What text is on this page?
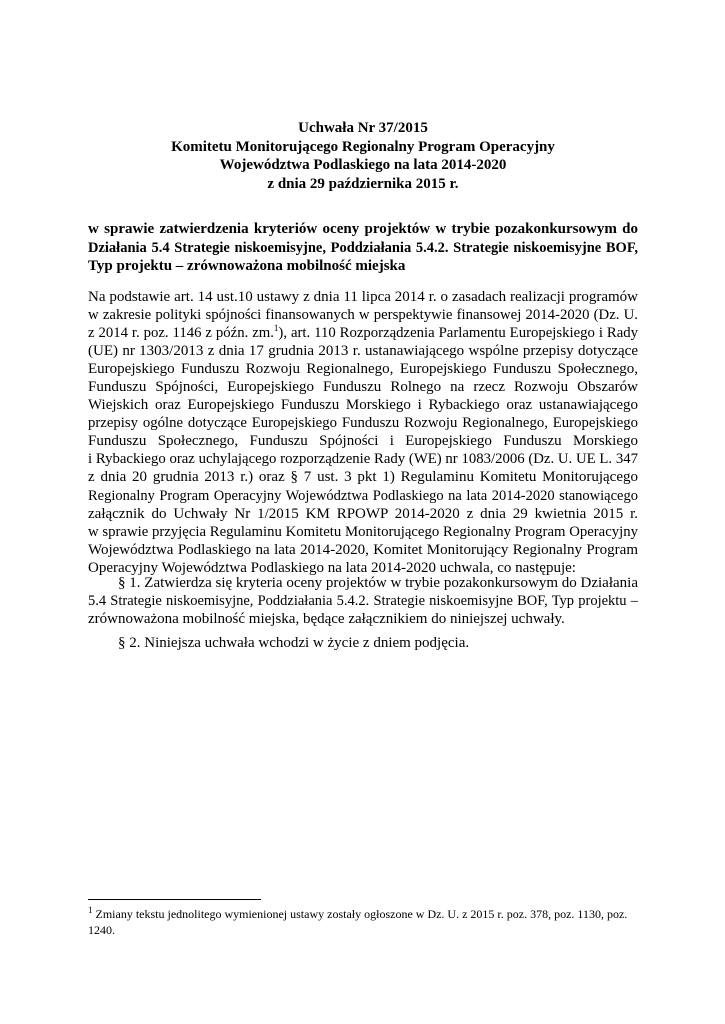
Uchwała Nr 37/2015
Komitetu Monitorującego Regionalny Program Operacyjny
Województwa Podlaskiego na lata 2014-2020
z dnia 29 października 2015 r.
w sprawie zatwierdzenia kryteriów oceny projektów w trybie pozakonkursowym do
Działania 5.4 Strategie niskoemisyjne, Poddziałania 5.4.2. Strategie niskoemisyjne BOF,
Typ projektu – zrównoważona mobilność miejska
Na podstawie art. 14 ust.10 ustawy z dnia 11 lipca 2014 r. o zasadach realizacji programów
w zakresie polityki spójności finansowanych w perspektywie finansowej 2014-2020 (Dz. U.
z 2014 r. poz. 1146 z późn. zm.$^1$), art. 110 Rozporządzenia Parlamentu Europejskiego i Rady
(UE) nr 1303/2013 z dnia 17 grudnia 2013 r. ustanawiającego wspólne przepisy dotyczące
Europejskiego Funduszu Rozwoju Regionalnego, Europejskiego Funduszu Społecznego,
Funduszu Spójności, Europejskiego Funduszu Rolnego na rzecz Rozwoju Obszarów
Wiejskich oraz Europejskiego Funduszu Morskiego i Rybackiego oraz ustanawiającego
przepisy ogólne dotyczące Europejskiego Funduszu Rozwoju Regionalnego, Europejskiego
Funduszu Społecznego, Funduszu Spójności i Europejskiego Funduszu Morskiego
i Rybackiego oraz uchylającego rozporządzenie Rady (WE) nr 1083/2006 (Dz. U. UE L. 347
z dnia 20 grudnia 2013 r.) oraz § 7 ust. 3 pkt 1) Regulaminu Komitetu Monitorującego
Regionalny Program Operacyjny Województwa Podlaskiego na lata 2014-2020 stanowiącego
załącznik do Uchwały Nr 1/2015 KM RPOWP 2014-2020 z dnia 29 kwietnia 2015 r.
w sprawie przyjęcia Regulaminu Komitetu Monitorującego Regionalny Program Operacyjny
Województwa Podlaskiego na lata 2014-2020, Komitet Monitorujący Regionalny Program
Operacyjny Województwa Podlaskiego na lata 2014-2020 uchwala, co następuje:
§ 1. Zatwierdza się kryteria oceny projektów w trybie pozakonkursowym do Działania
5.4 Strategie niskoemisyjne, Poddziałania 5.4.2. Strategie niskoemisyjne BOF, Typ projektu –
zrównoważona mobilność miejska, będące załącznikiem do niniejszej uchwały.
§ 2. Niniejsza uchwała wchodzi w życie z dniem podjęcia.
$^1$ Zmiany tekstu jednolitego wymienionej ustawy zostały ogłoszone w Dz. U. z 2015 r. poz. 378, poz. 1130, poz.
1240.
